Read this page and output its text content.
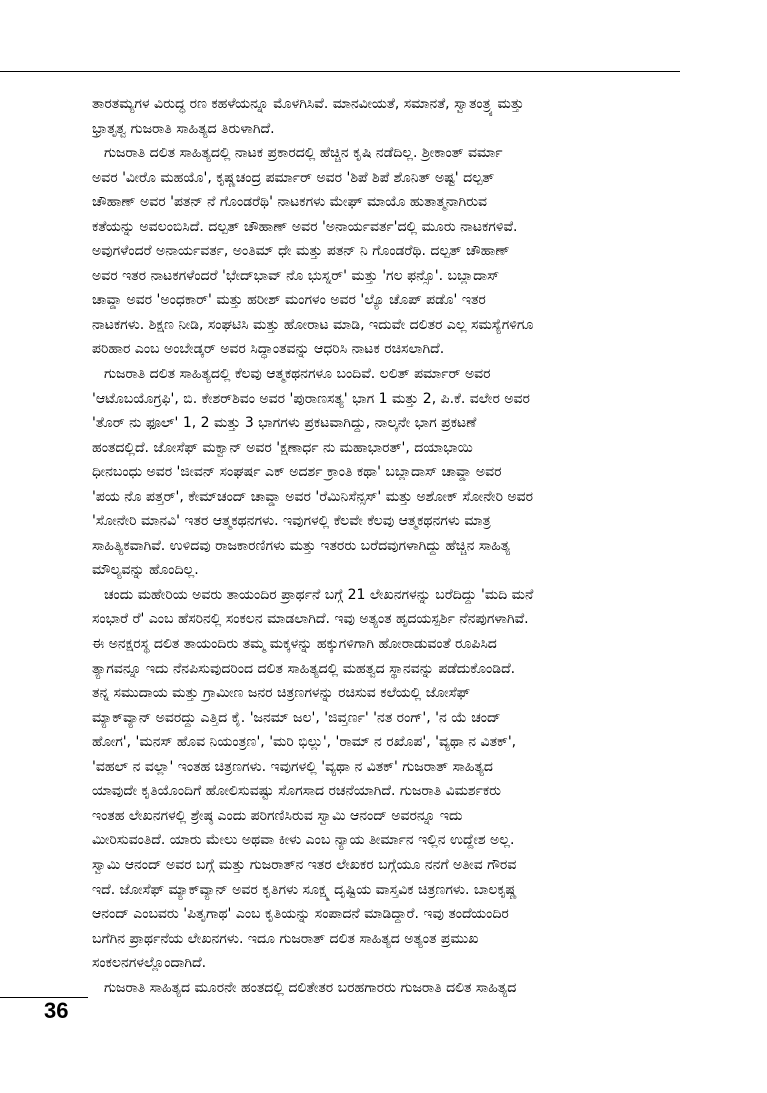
ತಾರತಮ್ಯಗಳ ವಿರುದ್ಧ ರಣ ಕಹಳೆಯನ್ನೂ ಮೊಳಗಿಸಿವೆ. ಮಾನವೀಯತೆ, ಸಮಾನತೆ, ಸ್ವಾತಂತ್ರ್ಯ ಮತ್ತು
ಭ್ರಾತೃತ್ವ ಗುಜರಾತಿ ಸಾಹಿತ್ಯದ ತಿರುಳಾಗಿದೆ.
ಗುಜರಾತಿ ದಲಿತ ಸಾಹಿತ್ಯದಲ್ಲಿ ನಾಟಕ ಪ್ರಕಾರದಲ್ಲಿ ಹೆಚ್ಚಿನ ಕೃಷಿ ನಡೆದಿಲ್ಲ. ಶ್ರೀಕಾಂತ್ ವರ್ಮಾ
ಅವರ 'ವೀರೊ ಮಹಯೊ', ಕೃಷ್ಣಚಂದ್ರ ಪರ್ಮಾರ್ ಅವರ 'ಶಿಪೆ ಶಿಪೆ ಶೊನಿತ್ ಅಷ್ಟ' ದಲ್ಪತ್
ಚೌಹಾಣ್ ಅವರ 'ಪತನ್ ನೆ ಗೊಂಡರೆಥಿ' ನಾಟಕಗಳು ಮೇಘ್ ಮಾಯೊ ಹುತಾತ್ಮನಾಗಿರುವ
ಕತೆಯನ್ನು ಅವಲಂಬಿಸಿದೆ. ದಲ್ಪತ್ ಚೌಹಾಣ್ ಅವರ 'ಅನಾರ್ಯವರ್ತ'ದಲ್ಲಿ ಮೂರು ನಾಟಕಗಳಿವೆ.
ಅವುಗಳೆಂದರೆ ಅನಾರ್ಯವರ್ತ, ಅಂತಿಮ್ ಧೇ ಮತ್ತು ಪತನ್ ನಿ ಗೊಂಡರೆಥಿ. ದಲ್ಪತ್ ಚೌಹಾಣ್
ಅವರ ಇತರ ನಾಟಕಗಳೆಂದರೆ 'ಭೇದ್‌ಭಾವ್ ನೊ ಭುಸ್ನರ್' ಮತ್ತು 'ಗಲ ಫನ್ಸೊ'. ಬಬ್ಲಾದಾಸ್
ಚಾವ್ಡಾ ಅವರ 'ಅಂಧಕಾರ್' ಮತ್ತು ಹರೀಶ್ ಮಂಗಳಂ ಅವರ 'ಲ್ಯೊ ಚೊಪ್ ಪಡೊ' ಇತರ
ನಾಟಕಗಳು. ಶಿಕ್ಷಣ ನೀಡಿ, ಸಂಘಟಿಸಿ ಮತ್ತು ಹೋರಾಟ ಮಾಡಿ, ಇದುವೇ ದಲಿತರ ಎಲ್ಲ ಸಮಸ್ಯೆಗಳಿಗೂ
ಪರಿಹಾರ ಎಂಬ ಅಂಬೇಡ್ಕರ್ ಅವರ ಸಿದ್ಧಾಂತವನ್ನು ಆಧರಿಸಿ ನಾಟಕ ರಚಿಸಲಾಗಿದೆ.
ಗುಜರಾತಿ ದಲಿತ ಸಾಹಿತ್ಯದಲ್ಲಿ ಕೆಲವು ಆತ್ಮಕಥನಗಳೂ ಬಂದಿವೆ. ಲಲಿತ್ ಪರ್ಮಾರ್ ಅವರ
'ಆಟೊಬಯೊಗ್ರಫಿ', ಬಿ. ಕೇಶರ್‌ಶಿವಂ ಅವರ 'ಪುರಾಣಸತ್ಯ' ಭಾಗ 1 ಮತ್ತು 2, ಪಿ.ಕೆ. ವಲೇರ ಅವರ
'ತೊರ್ ನು ಫೂಲ್' 1, 2 ಮತ್ತು 3 ಭಾಗಗಳು ಪ್ರಕಟವಾಗಿದ್ದು, ನಾಲ್ಕನೇ ಭಾಗ ಪ್ರಕಟಣೆ
ಹಂತದಲ್ಲಿದೆ. ಜೋಸೆಫ್ ಮಕ್ವಾನ್ ಅವರ 'ಕ್ಷಣಾರ್ಧ ನು ಮಹಾಭಾರತ್', ದಯಾಭಾಯಿ
ಧೀನಬಂಧು ಅವರ 'ಜೀವನ್ ಸಂಘರ್ಷ ಎಕ್ ಅದರ್ಶ ಕ್ರಾಂತಿ ಕಥಾ' ಬಬ್ಲಾದಾಸ್ ಚಾವ್ಡಾ ಅವರ
'ಪಯ ನೊ ಪತ್ತರ್', ಕೇಮ್‌ಚಂದ್ ಚಾವ್ಡಾ ಅವರ 'ರೆಮಿನಿಸೆನ್ಸಸ್' ಮತ್ತು ಅಶೋಕ್ ಸೋನೇರಿ ಅವರ
'ಸೋನೇರಿ ಮಾನವಿ' ಇತರ ಆತ್ಮಕಥನಗಳು. ಇವುಗಳಲ್ಲಿ ಕೆಲವೇ ಕೆಲವು ಆತ್ಮಕಥನಗಳು ಮಾತ್ರ
ಸಾಹಿತ್ಯಿಕವಾಗಿವೆ. ಉಳಿದವು ರಾಜಕಾರಣಿಗಳು ಮತ್ತು ಇತರರು ಬರೆದವುಗಳಾಗಿದ್ದು ಹೆಚ್ಚಿನ ಸಾಹಿತ್ಯ
ಮೌಲ್ಯವನ್ನು ಹೊಂದಿಲ್ಲ.
ಚಂದು ಮಹೇರಿಯ ಅವರು ತಾಯಂದಿರ ಪ್ರಾರ್ಥನೆ ಬಗ್ಗೆ 21 ಲೇಖನಗಳನ್ನು ಬರೆದಿದ್ದು 'ಮದಿ ಮನೆ
ಸಂಭಾರೆ ರೆ' ಎಂಬ ಹೆಸರಿನಲ್ಲಿ ಸಂಕಲನ ಮಾಡಲಾಗಿದೆ. ಇವು ಅತ್ಯಂತ ಹೃದಯಸ್ಪರ್ಶಿ ನೆನಪುಗಳಾಗಿವೆ.
ಈ ಅನಕ್ಷರಸ್ಥ ದಲಿತ ತಾಯಂದಿರು ತಮ್ಮ ಮಕ್ಕಳನ್ನು ಹಕ್ಕುಗಳಿಗಾಗಿ ಹೋರಾಡುವಂತೆ ರೂಪಿಸಿದ
ತ್ಯಾಗವನ್ನೂ ಇದು ನೆನಪಿಸುವುದರಿಂದ ದಲಿತ ಸಾಹಿತ್ಯದಲ್ಲಿ ಮಹತ್ವದ ಸ್ಥಾನವನ್ನು ಪಡೆದುಕೊಂಡಿದೆ.
ತನ್ನ ಸಮುದಾಯ ಮತ್ತು ಗ್ರಾಮೀಣ ಜನರ ಚಿತ್ರಣಗಳನ್ನು ರಚಿಸುವ ಕಲೆಯಲ್ಲಿ ಜೋಸೆಫ್
ಮ್ಯಾಕ್‌ವ್ಯಾನ್ ಅವರದ್ದು ಎತ್ತಿದ ಕೈ. 'ಜನಮ್ ಜಲ', 'ಜಿವ್ತರ್ಣ' 'ನತ ರಂಗ್', 'ನ ಯೆ ಚಂದ್
ಹೋಗ', 'ಮನಸ್ ಹೊವ ನಿಯಂತ್ರಣ', 'ಮರಿ ಭಿಲ್ಲು', 'ರಾಮ್ ನ ರಖೊಪ', 'ವ್ಯಥಾ ನ ವಿತಕ್',
'ವಹಲ್ ನ ವಲ್ಲಾ' ಇಂತಹ ಚಿತ್ರಣಗಳು. ಇವುಗಳಲ್ಲಿ 'ವ್ಯಥಾ ನ ವಿತಕ್' ಗುಜರಾತ್ ಸಾಹಿತ್ಯದ
ಯಾವುದೇ ಕೃತಿಯೊಂದಿಗೆ ಹೋಲಿಸುವಷ್ಟು ಸೊಗಸಾದ ರಚನೆಯಾಗಿದೆ. ಗುಜರಾತಿ ವಿಮರ್ಶಕರು
ಇಂತಹ ಲೇಖನಗಳಲ್ಲಿ ಶ್ರೇಷ್ಠ ಎಂದು ಪರಿಗಣಿಸಿರುವ ಸ್ವಾಮಿ ಆನಂದ್ ಅವರನ್ನೂ ಇದು
ಮೀರಿಸುವಂತಿದೆ. ಯಾರು ಮೇಲು ಅಥವಾ ಕೀಳು ಎಂಬ ನ್ಯಾಯ ತೀರ್ಮಾನ ಇಲ್ಲಿನ ಉದ್ದೇಶ ಅಲ್ಲ.
ಸ್ವಾಮಿ ಆನಂದ್ ಅವರ ಬಗ್ಗೆ ಮತ್ತು ಗುಜರಾತ್‌ನ ಇತರ ಲೇಖಕರ ಬಗ್ಗೆಯೂ ನನಗೆ ಅತೀವ ಗೌರವ
ಇದೆ. ಜೋಸೆಫ್ ಮ್ಯಾಕ್‌ವ್ಯಾನ್ ಅವರ ಕೃತಿಗಳು ಸೂಕ್ಷ್ಮ ದೃಷ್ಟಿಯ ವಾಸ್ತವಿಕ ಚಿತ್ರಣಗಳು. ಬಾಲಕೃಷ್ಣ
ಆನಂದ್ ಎಂಬವರು 'ಪಿತೃಗಾಥ' ಎಂಬ ಕೃತಿಯನ್ನು ಸಂಪಾದನೆ ಮಾಡಿದ್ದಾರೆ. ಇವು ತಂದೆಯಂದಿರ
ಬಗೆಗಿನ ಪ್ರಾರ್ಥನೆಯ ಲೇಖನಗಳು. ಇದೂ ಗುಜರಾತ್ ದಲಿತ ಸಾಹಿತ್ಯದ ಅತ್ಯಂತ ಪ್ರಮುಖ
ಸಂಕಲನಗಳಲ್ಲೊಂದಾಗಿದೆ.
ಗುಜರಾತಿ ಸಾಹಿತ್ಯದ ಮೂರನೇ ಹಂತದಲ್ಲಿ ದಲಿತೇತರ ಬರಹಗಾರರು ಗುಜರಾತಿ ದಲಿತ ಸಾಹಿತ್ಯದ
36
